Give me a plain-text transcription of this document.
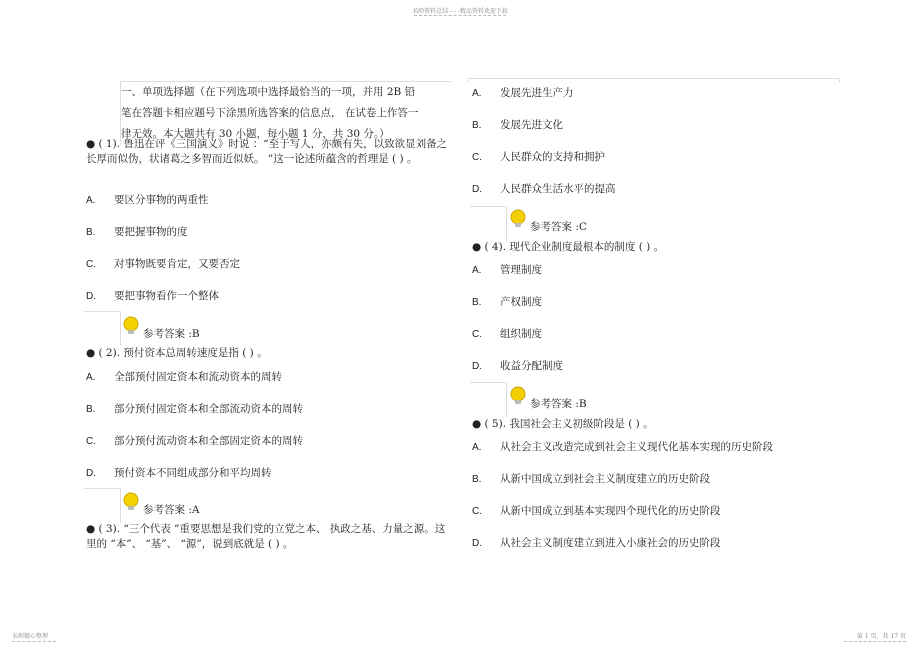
名师资料总结 - - -精品资料欢迎下载
一、单项选择题（在下列选项中选择最恰当的一项，并用 2B 铅
笔在答题卡相应题号下涂黑所选答案的信息点， 在试卷上作答一
律无效。本大题共有 30 小题，每小题 1 分，共 30 分。）
● ( 1). 鲁迅在评《三国演义》时说 ：“至于写人，亦颇有失，以致欲显刘备之长厚而似伪，状诸葛之多智而近似妖。 ”这一论述所蕴含的哲理是 ( ) 。
A. 要区分事物的两重性
B. 要把握事物的度
C. 对事物既要肯定，又要否定
D. 要把事物看作一个整体
参考答案 :B
● ( 2). 预付资本总周转速度是指 ( ) 。
A. 全部预付固定资本和流动资本的周转
B. 部分预付固定资本和全部流动资本的周转
C. 部分预付流动资本和全部固定资本的周转
D. 预付资本不同组成部分和平均周转
参考答案 :A
● ( 3). “三个代表 ”重要思想是我们党的立党之本、 执政之基、力量之源。这里的 “本”、 “基”、 “源”，说到底就是 ( ) 。
A. 发展先进生产力
B. 发展先进文化
C. 人民群众的支持和拥护
D. 人民群众生活水平的提高
参考答案 :C
● ( 4). 现代企业制度最根本的制度 ( ) 。
A. 管理制度
B. 产权制度
C. 组织制度
D. 收益分配制度
参考答案 :B
● ( 5). 我国社会主义初级阶段是 ( ) 。
A. 从社会主义改造完成到社会主义现代化基本实现的历史阶段
B. 从新中国成立到社会主义制度建立的历史阶段
C. 从新中国成立到基本实现四个现代化的历史阶段
D. 从社会主义制度建立到进入小康社会的历史阶段
名师精心整理	第 1 页，共 17 页
